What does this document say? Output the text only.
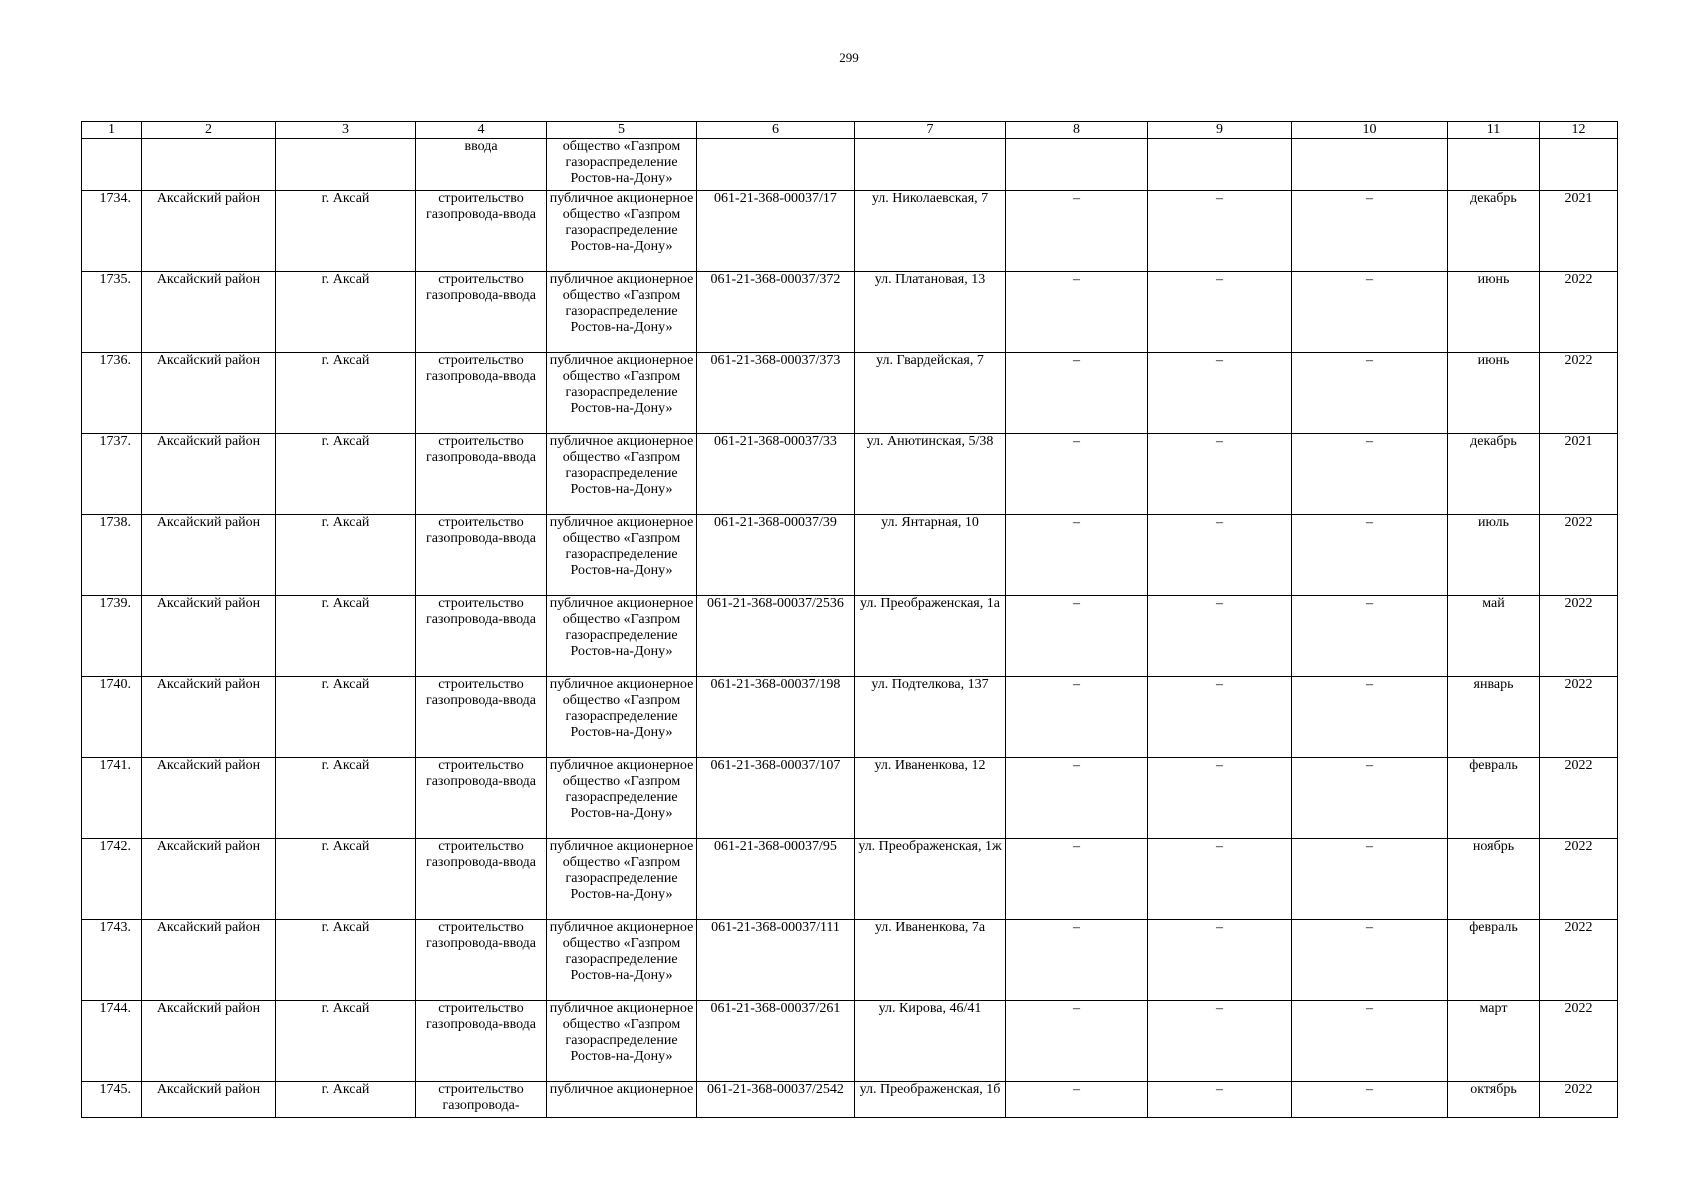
299
1	2	3	4	5	6	7	8	9	10	11	12
			ввода	общество «Газпром газораспределение Ростов-на-Дону»							
1734.	Аксайский район	г. Аксай	строительство газопровода-ввода	публичное акционерное общество «Газпром газораспределение Ростов-на-Дону»	061-21-368-00037/17	ул. Николаевская, 7	–	–	–	декабрь	2021
1735.	Аксайский район	г. Аксай	строительство газопровода-ввода	публичное акционерное общество «Газпром газораспределение Ростов-на-Дону»	061-21-368-00037/372	ул. Платановая, 13	–	–	–	июнь	2022
1736.	Аксайский район	г. Аксай	строительство газопровода-ввода	публичное акционерное общество «Газпром газораспределение Ростов-на-Дону»	061-21-368-00037/373	ул. Гвардейская, 7	–	–	–	июнь	2022
1737.	Аксайский район	г. Аксай	строительство газопровода-ввода	публичное акционерное общество «Газпром газораспределение Ростов-на-Дону»	061-21-368-00037/33	ул. Анютинская, 5/38	–	–	–	декабрь	2021
1738.	Аксайский район	г. Аксай	строительство газопровода-ввода	публичное акционерное общество «Газпром газораспределение Ростов-на-Дону»	061-21-368-00037/39	ул. Янтарная, 10	–	–	–	июль	2022
1739.	Аксайский район	г. Аксай	строительство газопровода-ввода	публичное акционерное общество «Газпром газораспределение Ростов-на-Дону»	061-21-368-00037/2536	ул. Преображенская, 1а	–	–	–	май	2022
1740.	Аксайский район	г. Аксай	строительство газопровода-ввода	публичное акционерное общество «Газпром газораспределение Ростов-на-Дону»	061-21-368-00037/198	ул. Подтелкова, 137	–	–	–	январь	2022
1741.	Аксайский район	г. Аксай	строительство газопровода-ввода	публичное акционерное общество «Газпром газораспределение Ростов-на-Дону»	061-21-368-00037/107	ул. Иваненкова, 12	–	–	–	февраль	2022
1742.	Аксайский район	г. Аксай	строительство газопровода-ввода	публичное акционерное общество «Газпром газораспределение Ростов-на-Дону»	061-21-368-00037/95	ул. Преображенская, 1ж	–	–	–	ноябрь	2022
1743.	Аксайский район	г. Аксай	строительство газопровода-ввода	публичное акционерное общество «Газпром газораспределение Ростов-на-Дону»	061-21-368-00037/111	ул. Иваненкова, 7а	–	–	–	февраль	2022
1744.	Аксайский район	г. Аксай	строительство газопровода-ввода	публичное акционерное общество «Газпром газораспределение Ростов-на-Дону»	061-21-368-00037/261	ул. Кирова, 46/41	–	–	–	март	2022
1745.	Аксайский район	г. Аксай	строительство газопровода-	публичное акционерное	061-21-368-00037/2542	ул. Преображенская, 1б	–	–	–	октябрь	2022
